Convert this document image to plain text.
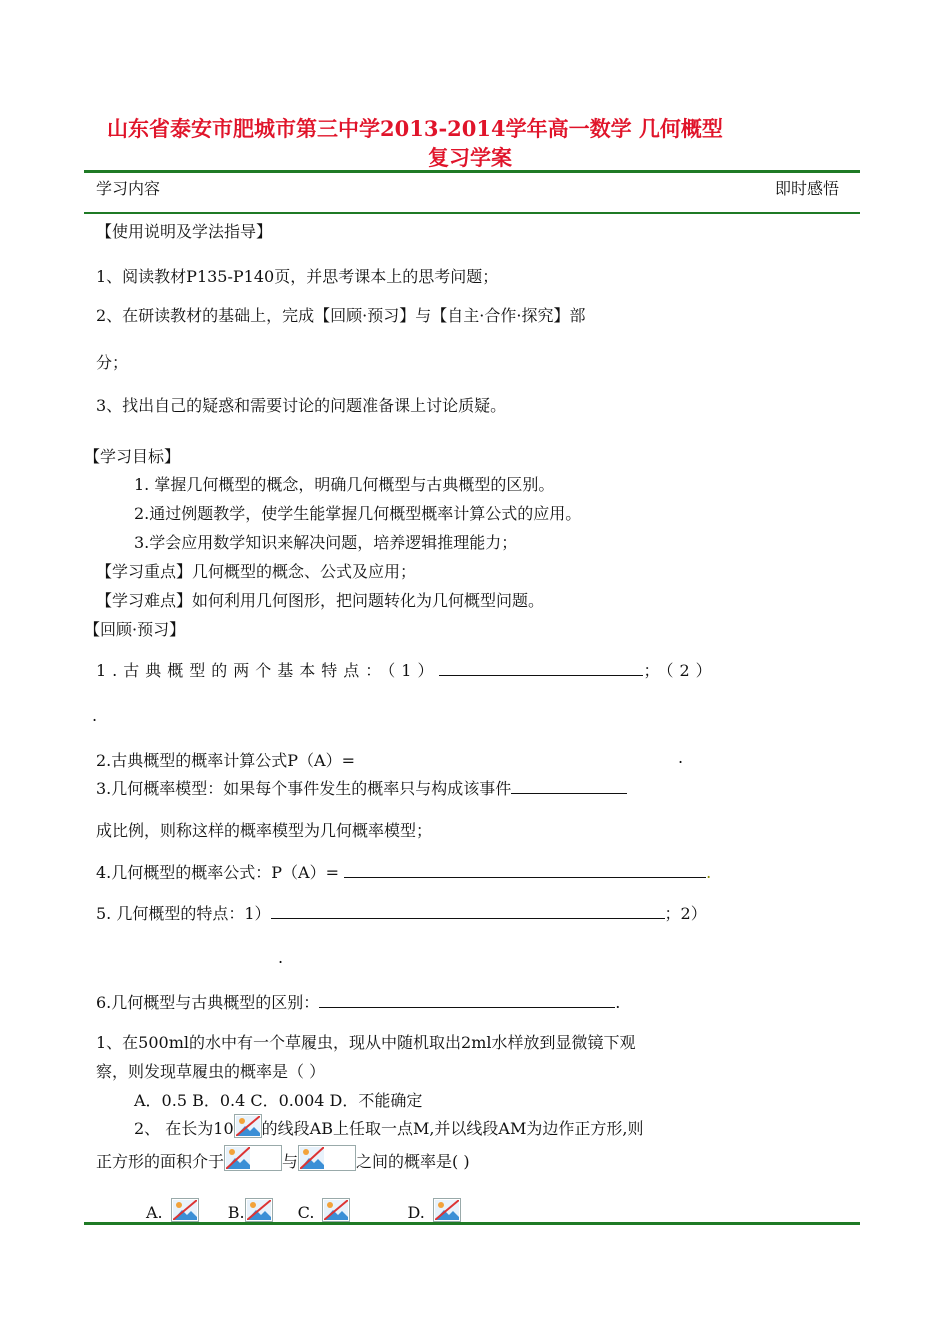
山东省泰安市肥城市第三中学2013-2014学年高一数学 几何概型
复习学案
学习内容	即时感悟
【使用说明及学法指导】
1、阅读教材P135-P140页，并思考课本上的思考问题；
2、在研读教材的基础上，完成【回顾·预习】与【自主·合作·探究】部
分；
3、找出自己的疑惑和需要讨论的问题准备课上讨论质疑。
【学习目标】
1. 掌握几何概型的概念，明确几何概型与古典概型的区别。
2.通过例题教学，使学生能掌握几何概型概率计算公式的应用。
3.学会应用数学知识来解决问题，培养逻辑推理能力；
【学习重点】几何概型的概念、公式及应用；
【学习难点】如何利用几何图形，把问题转化为几何概型问题。
【回顾·预习】
1.古典概型的两个基本特点：（1）	；（2）
.
2.古典概型的概率计算公式P（A）=	.
3.几何概率模型：如果每个事件发生的概率只与构成该事件
成比例，则称这样的概率模型为几何概率模型；
4.几何概型的概率公式：P（A）=	.
5. 几何概型的特点：1）	；2）
.
6.几何概型与古典概型的区别：	.
1、在500ml的水中有一个草履虫，现从中随机取出2ml水样放到显微镜下观
察，则发现草履虫的概率是（ ）
A．0.5 B．0.4 C．0.004 D．不能确定
2、 在长为10 的线段AB上任取一点M,并以线段AM为边作正方形,则
正方形的面积介于	与	之间的概率是( )
A.	B.	C.	D.
